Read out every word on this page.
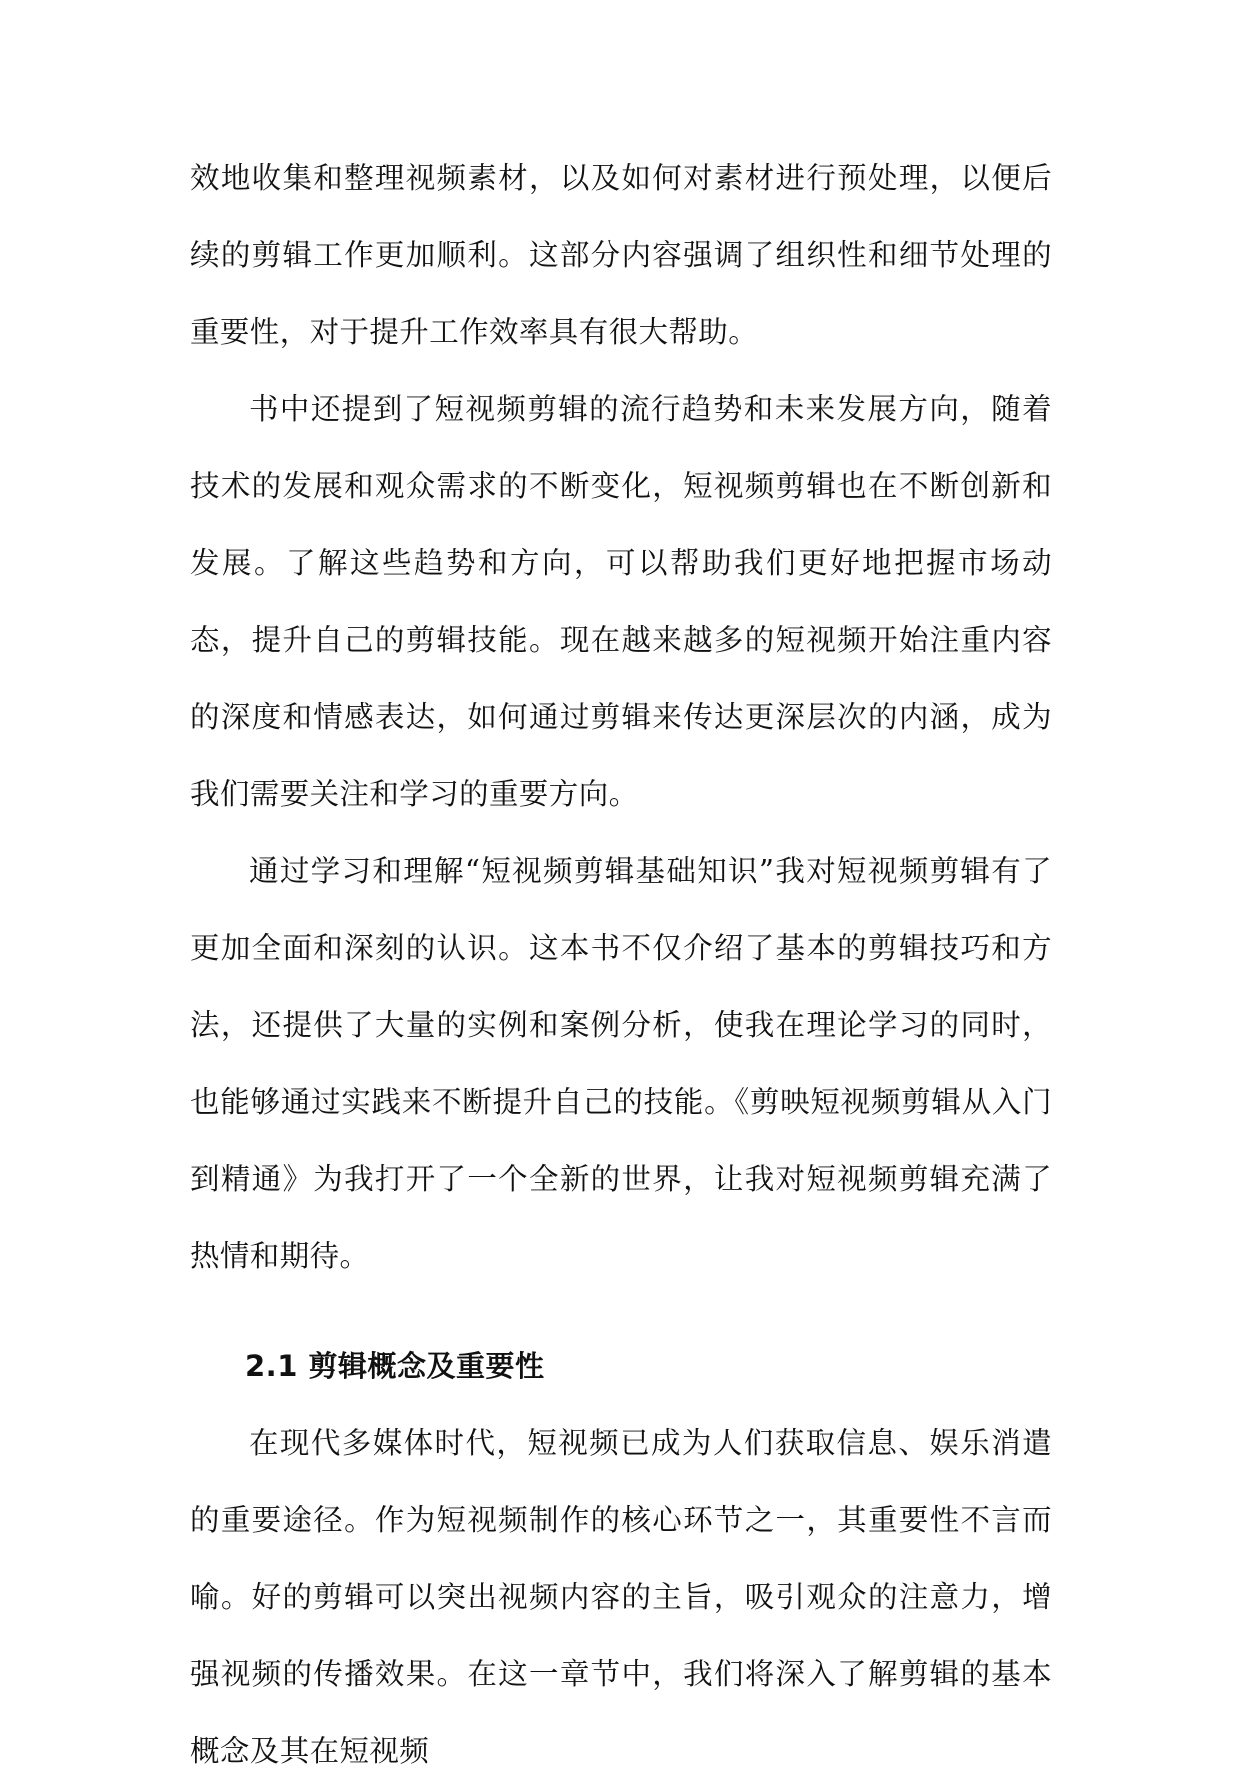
效地收集和整理视频素材，以及如何对素材进行预处理，以便后续的剪辑工作更加顺利。这部分内容强调了组织性和细节处理的重要性，对于提升工作效率具有很大帮助。

书中还提到了短视频剪辑的流行趋势和未来发展方向，随着技术的发展和观众需求的不断变化，短视频剪辑也在不断创新和发展。了解这些趋势和方向，可以帮助我们更好地把握市场动态，提升自己的剪辑技能。现在越来越多的短视频开始注重内容的深度和情感表达，如何通过剪辑来传达更深层次的内涵，成为我们需要关注和学习的重要方向。

通过学习和理解“短视频剪辑基础知识”我对短视频剪辑有了更加全面和深刻的认识。这本书不仅介绍了基本的剪辑技巧和方法，还提供了大量的实例和案例分析，使我在理论学习的同时，也能够通过实践来不断提升自己的技能。《剪映短视频剪辑从入门到精通》为我打开了一个全新的世界，让我对短视频剪辑充满了热情和期待。

2.1 剪辑概念及重要性

在现代多媒体时代，短视频已成为人们获取信息、娱乐消遣的重要途径。作为短视频制作的核心环节之一，其重要性不言而喻。好的剪辑可以突出视频内容的主旨，吸引观众的注意力，增强视频的传播效果。在这一章节中，我们将深入了解剪辑的基本概念及其在短视频
